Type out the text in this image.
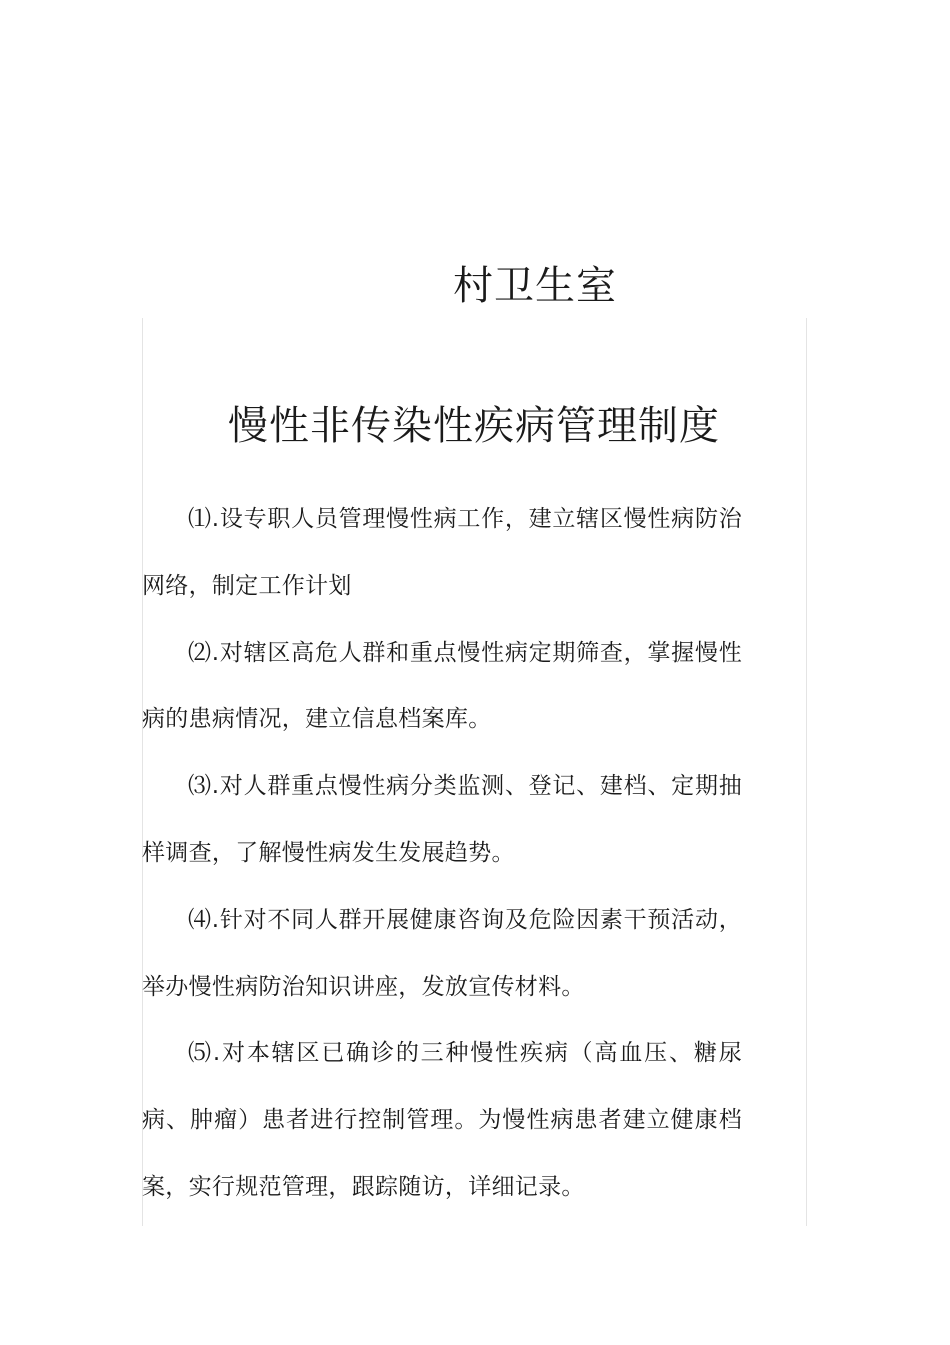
村卫生室
慢性非传染性疾病管理制度

⑴.设专职人员管理慢性病工作，建立辖区慢性病防治网络，制定工作计划

⑵.对辖区高危人群和重点慢性病定期筛查，掌握慢性病的患病情况，建立信息档案库。

⑶.对人群重点慢性病分类监测、登记、建档、定期抽样调查，了解慢性病发生发展趋势。

⑷.针对不同人群开展健康咨询及危险因素干预活动，举办慢性病防治知识讲座，发放宣传材料。

⑸.对本辖区已确诊的三种慢性疾病（高血压、糖尿病、肿瘤）患者进行控制管理。为慢性病患者建立健康档案，实行规范管理，跟踪随访，详细记录。
